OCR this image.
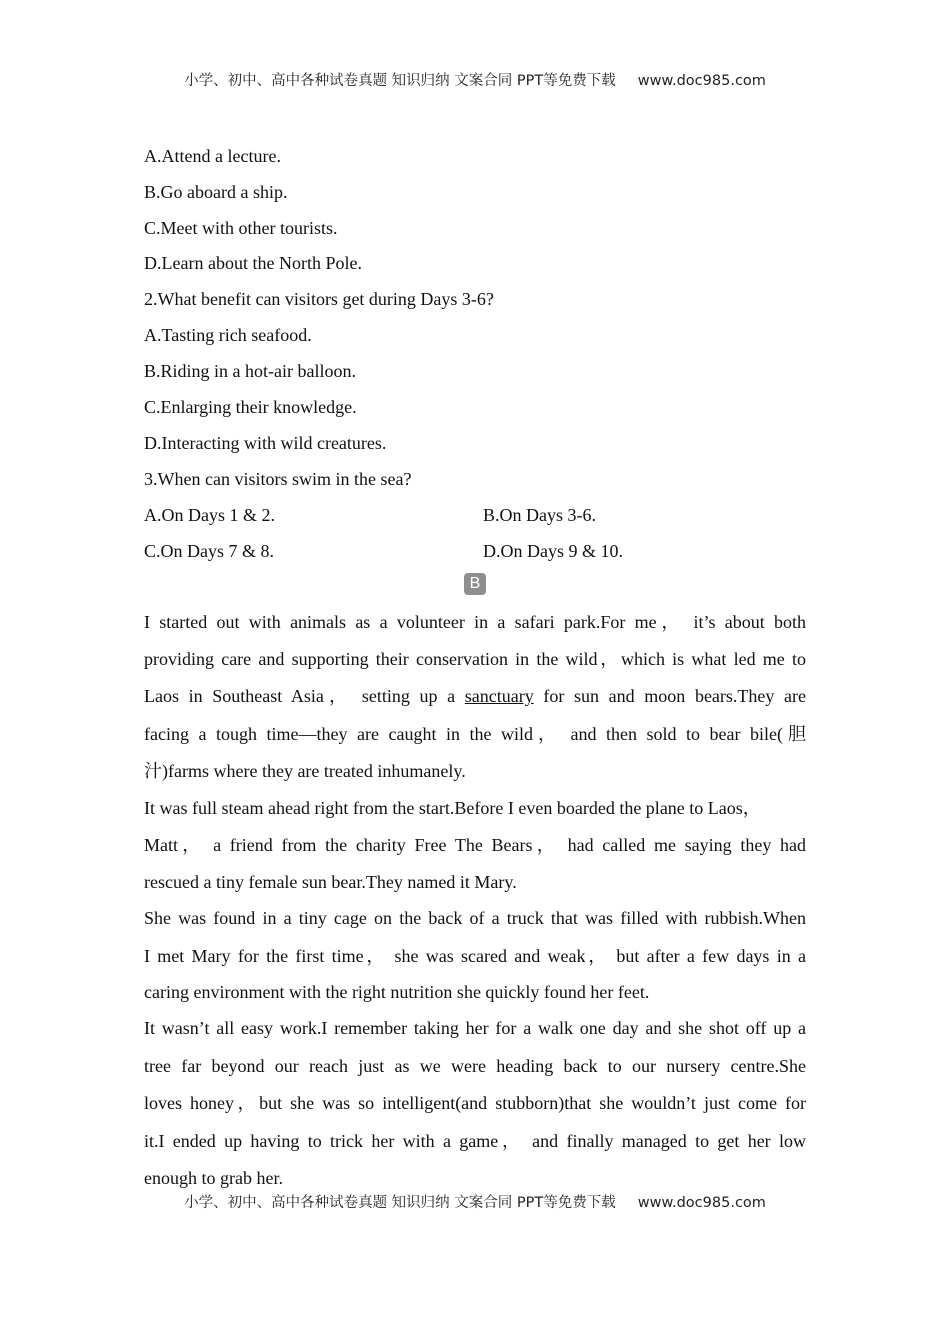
小学、初中、高中各种试卷真题 知识归纳 文案合同 PPT等免费下载 www.doc985.com
A.Attend a lecture.
B.Go aboard a ship.
C.Meet with other tourists.
D.Learn about the North Pole.
2.What benefit can visitors get during Days 3-6?
A.Tasting rich seafood.
B.Riding in a hot-air balloon.
C.Enlarging their knowledge.
D.Interacting with wild creatures.
3.When can visitors swim in the sea?
A.On Days 1 & 2.	B.On Days 3-6.
C.On Days 7 & 8.	D.On Days 9 & 10.
B
I started out with animals as a volunteer in a safari park.For me， it’s about both
providing care and supporting their conservation in the wild，which is what led me to
Laos in Southeast Asia， setting up a sanctuary for sun and moon bears.They are
facing a tough time—they are caught in the wild， and then sold to bear bile(胆
汁)farms where they are treated inhumanely.
It was full steam ahead right from the start.Before I even boarded the plane to Laos，
Matt， a friend from the charity Free The Bears， had called me saying they had
rescued a tiny female sun bear.They named it Mary.
She was found in a tiny cage on the back of a truck that was filled with rubbish.When
I met Mary for the first time， she was scared and weak， but after a few days in a
caring environment with the right nutrition she quickly found her feet.
It wasn’t all easy work.I remember taking her for a walk one day and she shot off up a
tree far beyond our reach just as we were heading back to our nursery centre.She
loves honey，but she was so intelligent(and stubborn)that she wouldn’t just come for
it.I ended up having to trick her with a game， and finally managed to get her low
enough to grab her.
小学、初中、高中各种试卷真题 知识归纳 文案合同 PPT等免费下载 www.doc985.com
